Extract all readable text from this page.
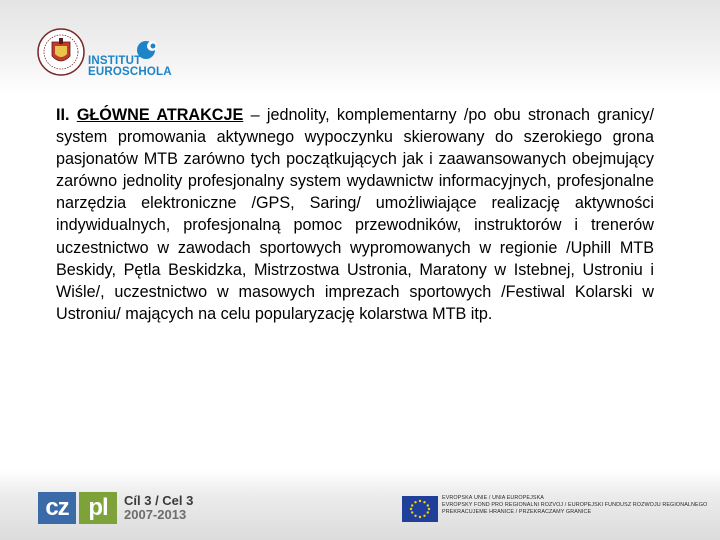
INSTITUT
EUROSCHOLA
II. GŁÓWNE ATRAKCJE – jednolity, komplementarny /po obu stronach granicy/ system promowania aktywnego wypoczynku skierowany do szerokiego grona pasjonatów MTB zarówno tych początkujących jak i zaawansowanych obejmujący zarówno jednolity profesjonalny system wydawnictw informacyjnych, profesjonalne narzędzia elektroniczne /GPS, Saring/ umożliwiające realizację aktywności indywidualnych, profesjonalną pomoc przewodników, instruktorów i trenerów uczestnictwo w zawodach sportowych wypromowanych w regionie /Uphill MTB Beskidy, Pętla Beskidzka, Mistrzostwa Ustronia, Maratony w Istebnej, Ustroniu i Wiśle/, uczestnictwo w masowych imprezach sportowych /Festiwal Kolarski w Ustroniu/ mających na celu popularyzację kolarstwa MTB itp.
cz pl	Cíl 3 / Cel 3
2007-2013
EVROPSKÁ UNIE / UNIA EUROPEJSKA
EVROPSKÝ FOND PRO REGIONÁLNÍ ROZVOJ / EUROPEJSKI FUNDUSZ ROZWOJU REGIONALNEGO
PŘEKRAČUJEME HRANICE / PRZEKRACZAMY GRANICE
